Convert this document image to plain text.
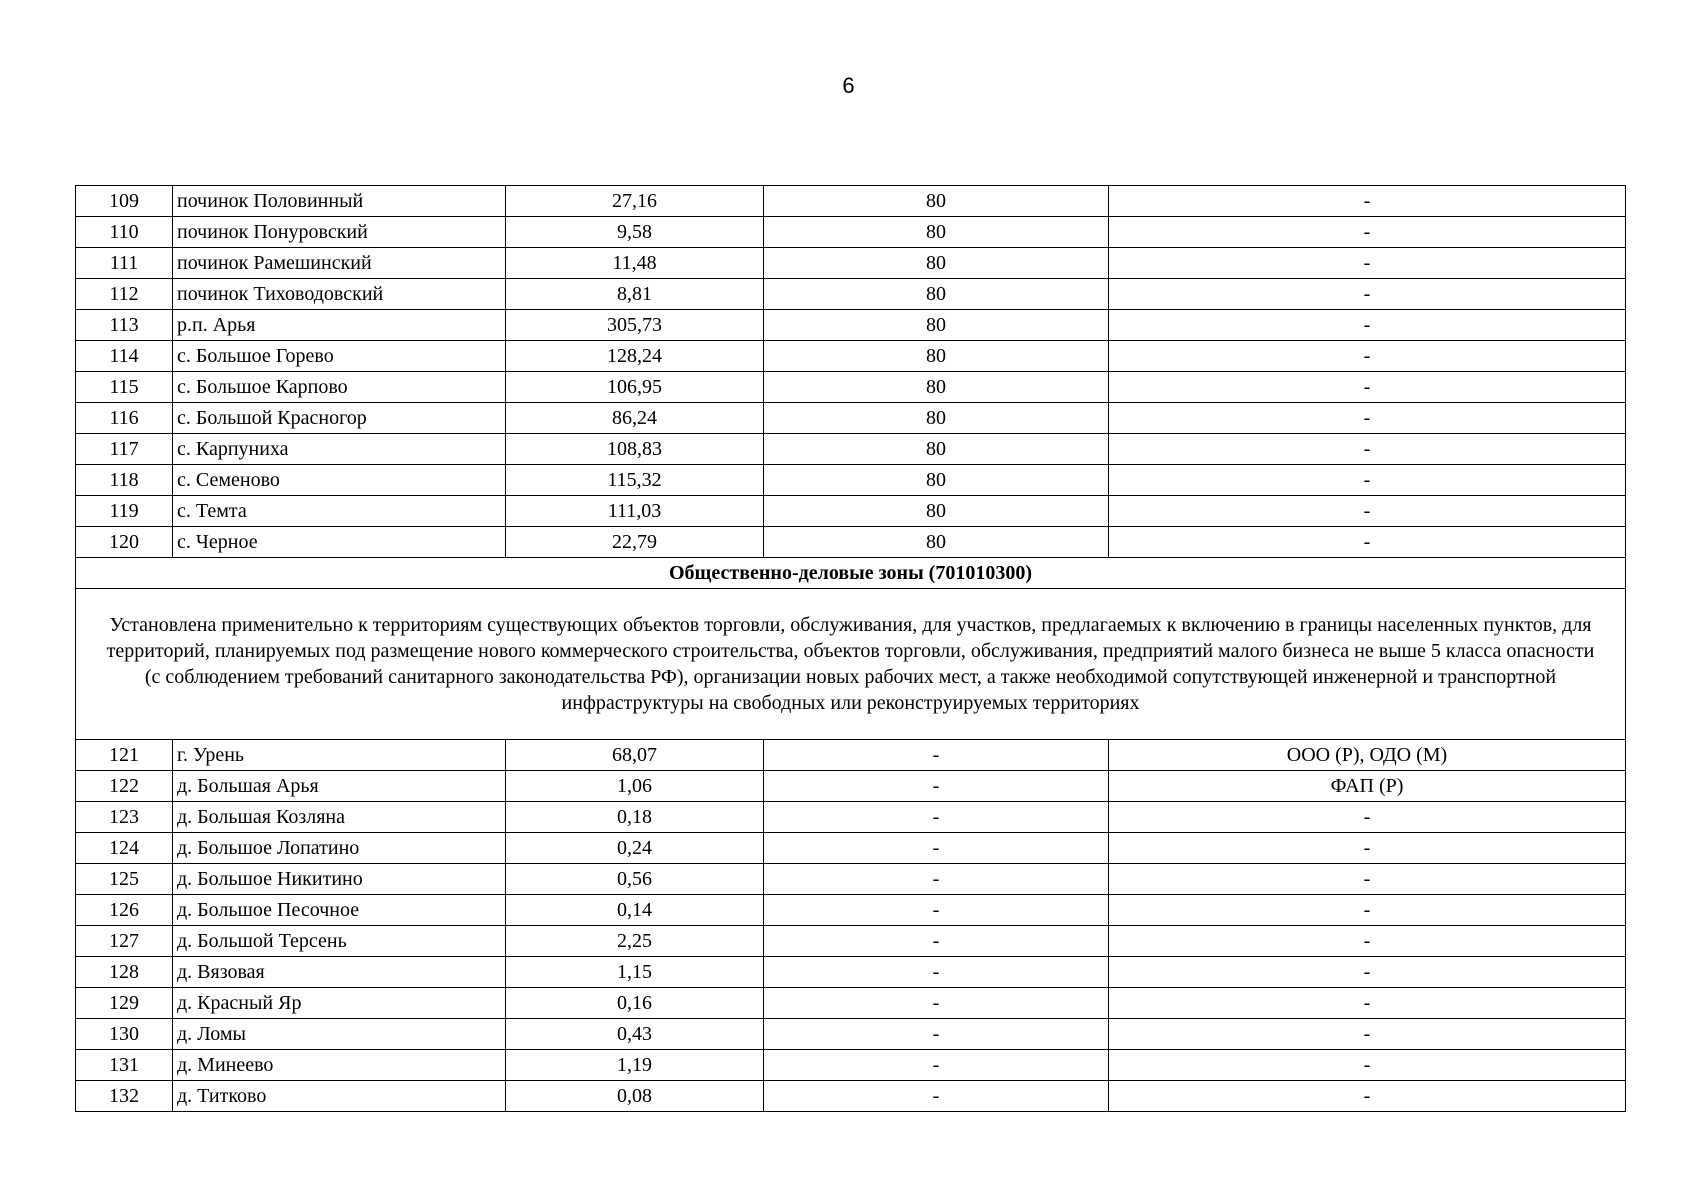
6
109	починок Половинный	27,16	80	-
110	починок Понуровский	9,58	80	-
111	починок Рамешинский	11,48	80	-
112	починок Тиховодовский	8,81	80	-
113	р.п. Арья	305,73	80	-
114	с. Большое Горево	128,24	80	-
115	с. Большое Карпово	106,95	80	-
116	с. Большой Красногор	86,24	80	-
117	с. Карпуниха	108,83	80	-
118	с. Семеново	115,32	80	-
119	с. Темта	111,03	80	-
120	с. Черное	22,79	80	-
Общественно-деловые зоны (701010300)				
Установлена применительно к территориям существующих объектов торговли, обслуживания, для участков, предлагаемых к включению в границы населенных пунктов, для территорий, планируемых под размещение нового коммерческого строительства, объектов торговли, обслуживания, предприятий малого бизнеса не выше 5 класса опасности (с соблюдением требований санитарного законодательства РФ), организации новых рабочих мест, а также необходимой сопутствующей инженерной и транспортной инфраструктуры на свободных или реконструируемых территориях				
121	г. Урень	68,07	-	ООО (Р), ОДО (М)
122	д. Большая Арья	1,06	-	ФАП (Р)
123	д. Большая Козляна	0,18	-	-
124	д. Большое Лопатино	0,24	-	-
125	д. Большое Никитино	0,56	-	-
126	д. Большое Песочное	0,14	-	-
127	д. Большой Терсень	2,25	-	-
128	д. Вязовая	1,15	-	-
129	д. Красный Яр	0,16	-	-
130	д. Ломы	0,43	-	-
131	д. Минеево	1,19	-	-
132	д. Титково	0,08	-	-
